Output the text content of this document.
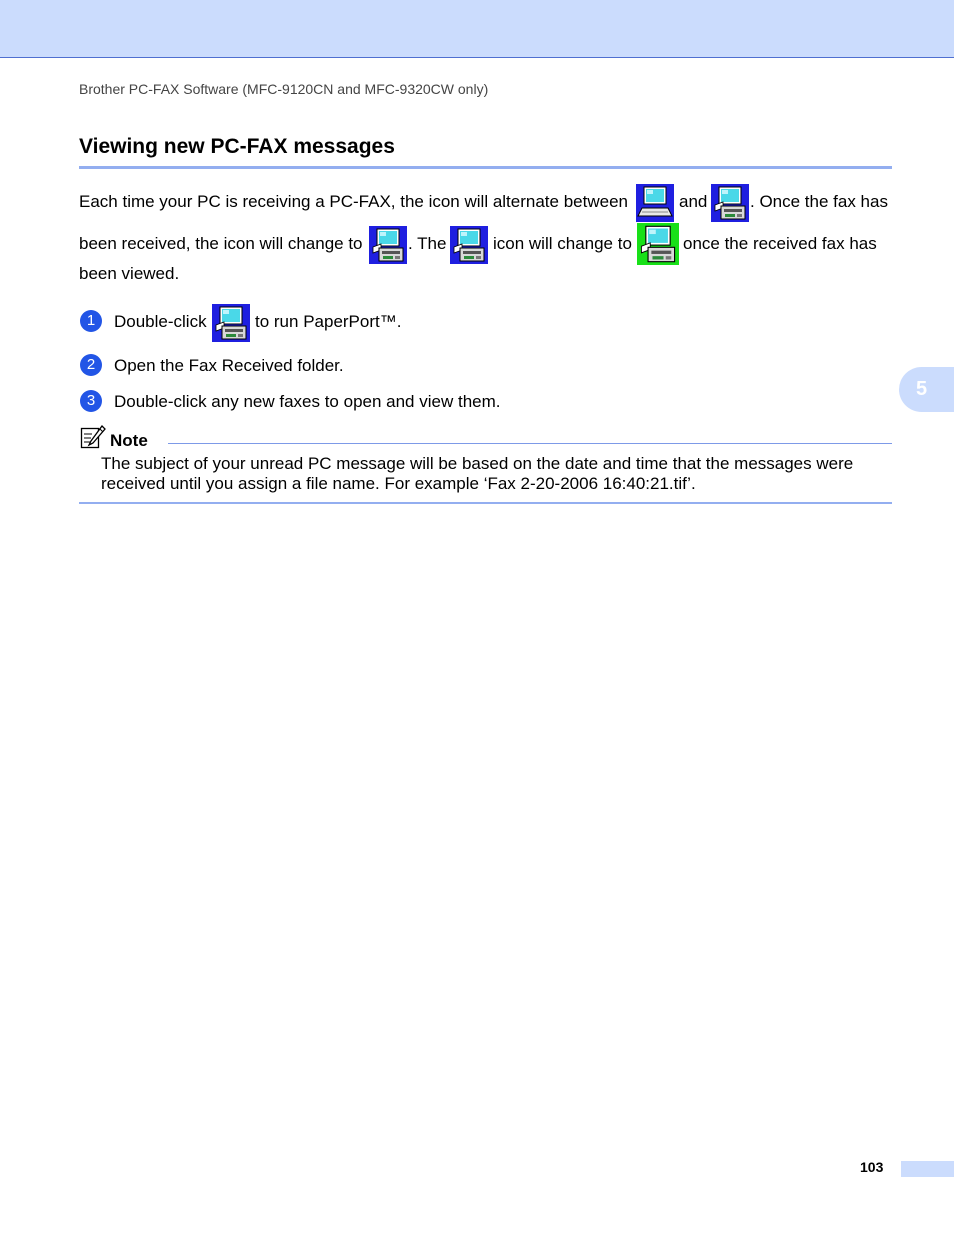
Brother PC-FAX Software (MFC-9120CN and MFC-9320CW only)
Viewing new PC-FAX messages
Each time your PC is receiving a PC-FAX, the icon will alternate between	and	. Once the fax has
been received, the icon will change to	. The	icon will change to	once the received fax has
been viewed.
1	Double-click	to run PaperPort™.
2	Open the Fax Received folder.
3	Double-click any new faxes to open and view them.
5
Note
The subject of your unread PC message will be based on the date and time that the messages were
received until you assign a file name. For example ‘Fax 2-20-2006 16:40:21.tif’.
103
